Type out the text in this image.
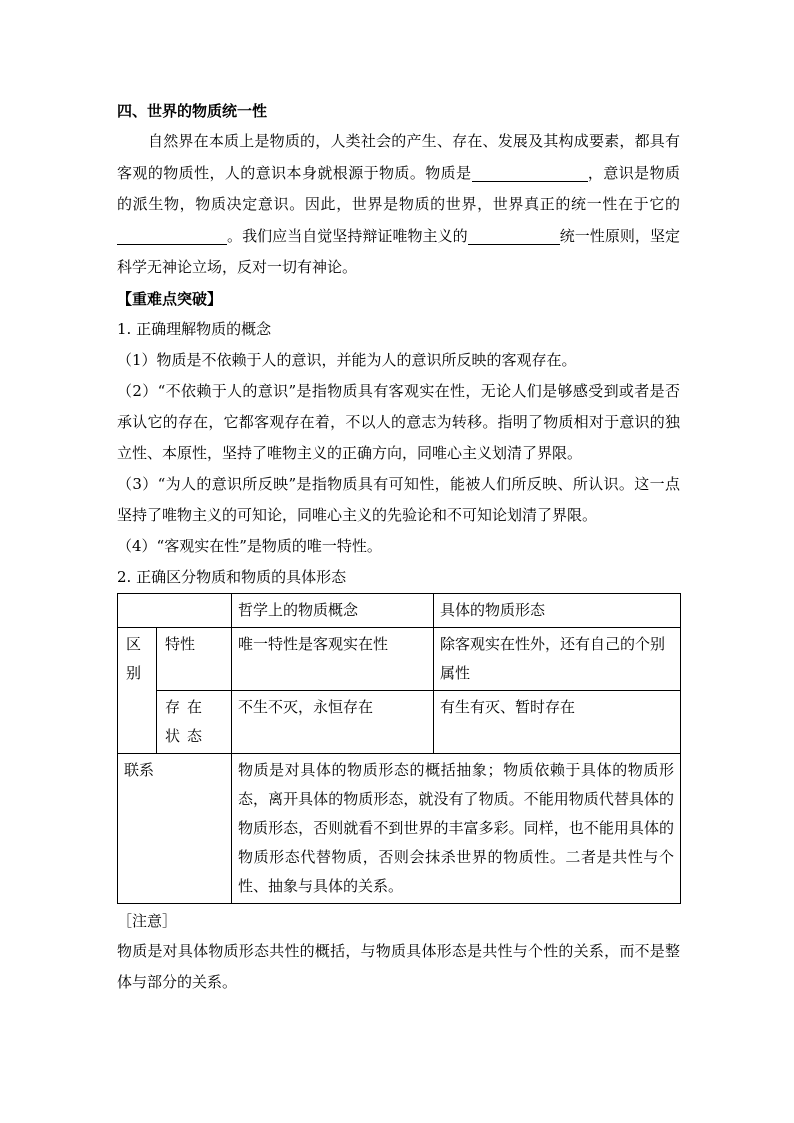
四、世界的物质统一性

自然界在本质上是物质的，人类社会的产生、存在、发展及其构成要素，都具有客观的物质性，人的意识本身就根源于物质。物质是	，意识是物质的派生物，物质决定意识。因此，世界是物质的世界，世界真正的统一性在于它的。我们应当自觉坚持辩证唯物主义的	统一性原则，坚定科学无神论立场，反对一切有神论。

【重难点突破】
1. 正确理解物质的概念

（1）物质是不依赖于人的意识，并能为人的意识所反映的客观存在。

（2）“不依赖于人的意识”是指物质具有客观实在性，无论人们是够感受到或者是否承认它的存在，它都客观存在着，不以人的意志为转移。指明了物质相对于意识的独立性、本原性，坚持了唯物主义的正确方向，同唯心主义划清了界限。

（3）“为人的意识所反映”是指物质具有可知性，能被人们所反映、所认识。这一点坚持了唯物主义的可知论，同唯心主义的先验论和不可知论划清了界限。

（4）“客观实在性”是物质的唯一特性。

2. 正确区分物质和物质的具体形态
		哲学上的物质概念	具体的物质形态
区别	特性	唯一特性是客观实在性	除客观实在性外，还有自己的个别属性
	存在状态	不生不灭，永恒存在	有生有灭、暂时存在
联系		物质是对具体的物质形态的概括抽象；物质依赖于具体的物质形态，离开具体的物质形态，就没有了物质。不能用物质代替具体的物质形态，否则就看不到世界的丰富多彩。同样，也不能用具体的物质形态代替物质，否则会抹杀世界的物质性。二者是共性与个性、抽象与具体的关系。	
［注意］

物质是对具体物质形态共性的概括，与物质具体形态是共性与个性的关系，而不是整体与部分的关系。
